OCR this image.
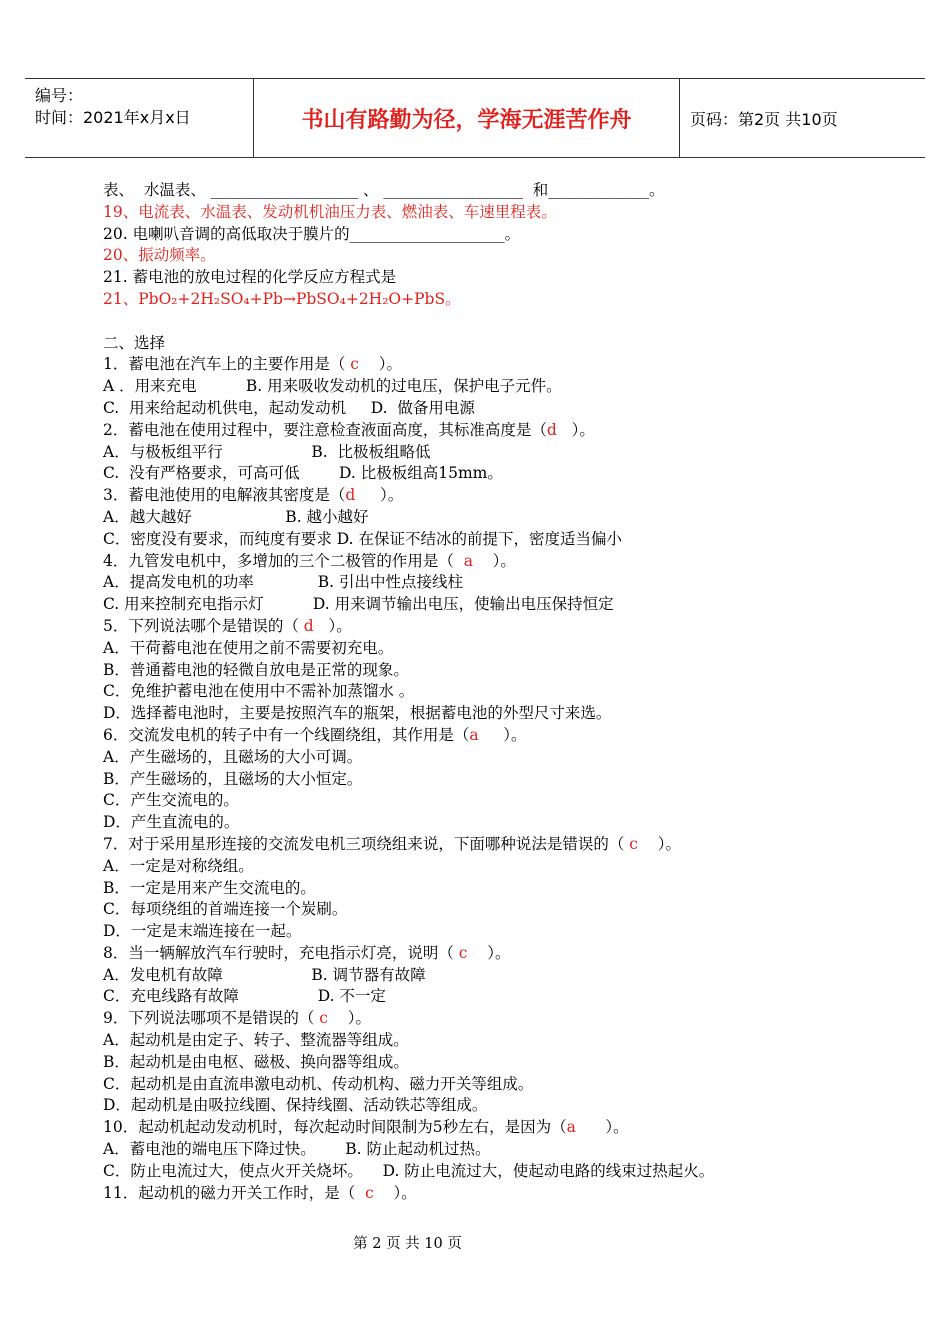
编号：
时间：2021年x月x日	书山有路勤为径，学海无涯苦作舟	页码：第2页 共10页
表、  水温表、 ___________________ 、 __________________  和_____________。
19、电流表、水温表、发动机机油压力表、燃油表、车速里程表。
20. 电喇叭音调的高低取决于膜片的____________________。
20、振动频率。
21. 蓄电池的放电过程的化学反应方程式是
21、PbO₂+2H₂SO₄+Pb→PbSO₄+2H₂O+PbS。
二、选择
1．蓄电池在汽车上的主要作用是（ c    ）。
A ．用来充电          B. 用来吸收发动机的过电压，保护电子元件。
C.  用来给起动机供电，起动发动机     D.  做备用电源
2．蓄电池在使用过程中，要注意检查液面高度，其标准高度是（d   ）。
A．与极板组平行                  B.  比极板组略低
C.  没有严格要求，可高可低        D. 比极板组高15mm。
3．蓄电池使用的电解液其密度是（d     ）。
A．越大越好                   B. 越小越好
C．密度没有要求，而纯度有要求 D. 在保证不结冰的前提下，密度适当偏小
4．九管发电机中，多增加的三个二极管的作用是（  a    ）。
A．提高发电机的功率             B. 引出中性点接线柱
C. 用来控制充电指示灯          D. 用来调节输出电压，使输出电压保持恒定
5．下列说法哪个是错误的（ d   ）。
A．干荷蓄电池在使用之前不需要初充电。
B．普通蓄电池的轻微自放电是正常的现象。
C．免维护蓄电池在使用中不需补加蒸馏水 。
D．选择蓄电池时，主要是按照汽车的瓶架，根据蓄电池的外型尺寸来选。
6．交流发电机的转子中有一个线圈绕组，其作用是（a     ）。
A．产生磁场的，且磁场的大小可调。
B．产生磁场的，且磁场的大小恒定。
C．产生交流电的。
D．产生直流电的。
7．对于采用星形连接的交流发电机三项绕组来说，下面哪种说法是错误的（ c    ）。
A．一定是对称绕组。
B．一定是用来产生交流电的。
C．每项绕组的首端连接一个炭刷。
D．一定是末端连接在一起。
8．当一辆解放汽车行驶时，充电指示灯亮，说明（ c    ）。
A．发电机有故障                  B. 调节器有故障
C．充电线路有故障                D. 不一定
9．下列说法哪项不是错误的（ c    ）。
A．起动机是由定子、转子、整流器等组成。
B．起动机是由电枢、磁极、换向器等组成。
C．起动机是由直流串激电动机、传动机构、磁力开关等组成。
D．起动机是由吸拉线圈、保持线圈、活动铁芯等组成。
10．起动机起动发动机时，每次起动时间限制为5秒左右，是因为（a      ）。
A．蓄电池的端电压下降过快。      B. 防止起动机过热。
C．防止电流过大，使点火开关烧坏。    D. 防止电流过大，使起动电路的线束过热起火。
11．起动机的磁力开关工作时，是（  c    ）。
第 2 页 共 10 页
